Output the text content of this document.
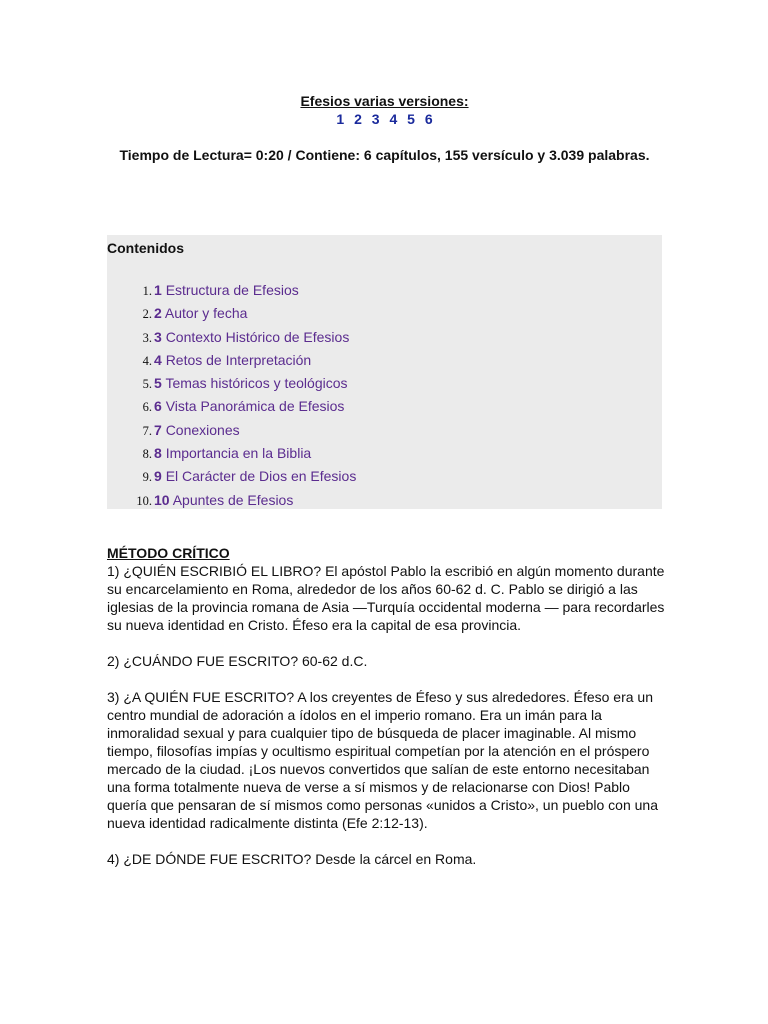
Efesios varias versiones:
1 2 3 4 5 6
Tiempo de Lectura= 0:20 / Contiene: 6 capítulos, 155 versículo y 3.039 palabras.
Contenidos
1. 1 Estructura de Efesios
2. 2 Autor y fecha
3. 3 Contexto Histórico de Efesios
4. 4 Retos de Interpretación
5. 5 Temas históricos y teológicos
6. 6 Vista Panorámica de Efesios
7. 7 Conexiones
8. 8 Importancia en la Biblia
9. 9 El Carácter de Dios en Efesios
10. 10 Apuntes de Efesios

MÉTODO CRÍTICO

1) ¿QUIÉN ESCRIBIÓ EL LIBRO? El apóstol Pablo la escribió en algún momento durante su encarcelamiento en Roma, alrededor de los años 60-62 d. C. Pablo se dirigió a las iglesias de la provincia romana de Asia —Turquía occidental moderna — para recordarles su nueva identidad en Cristo. Éfeso era la capital de esa provincia.

2) ¿CUÁNDO FUE ESCRITO? 60-62 d.C.

3) ¿A QUIÉN FUE ESCRITO? A los creyentes de Éfeso y sus alrededores. Éfeso era un centro mundial de adoración a ídolos en el imperio romano. Era un imán para la inmoralidad sexual y para cualquier tipo de búsqueda de placer imaginable. Al mismo tiempo, filosofías impías y ocultismo espiritual competían por la atención en el próspero mercado de la ciudad. ¡Los nuevos convertidos que salían de este entorno necesitaban una forma totalmente nueva de verse a sí mismos y de relacionarse con Dios! Pablo quería que pensaran de sí mismos como personas «unidos a Cristo», un pueblo con una nueva identidad radicalmente distinta (Efe 2:12-13).

4) ¿DE DÓNDE FUE ESCRITO? Desde la cárcel en Roma.
